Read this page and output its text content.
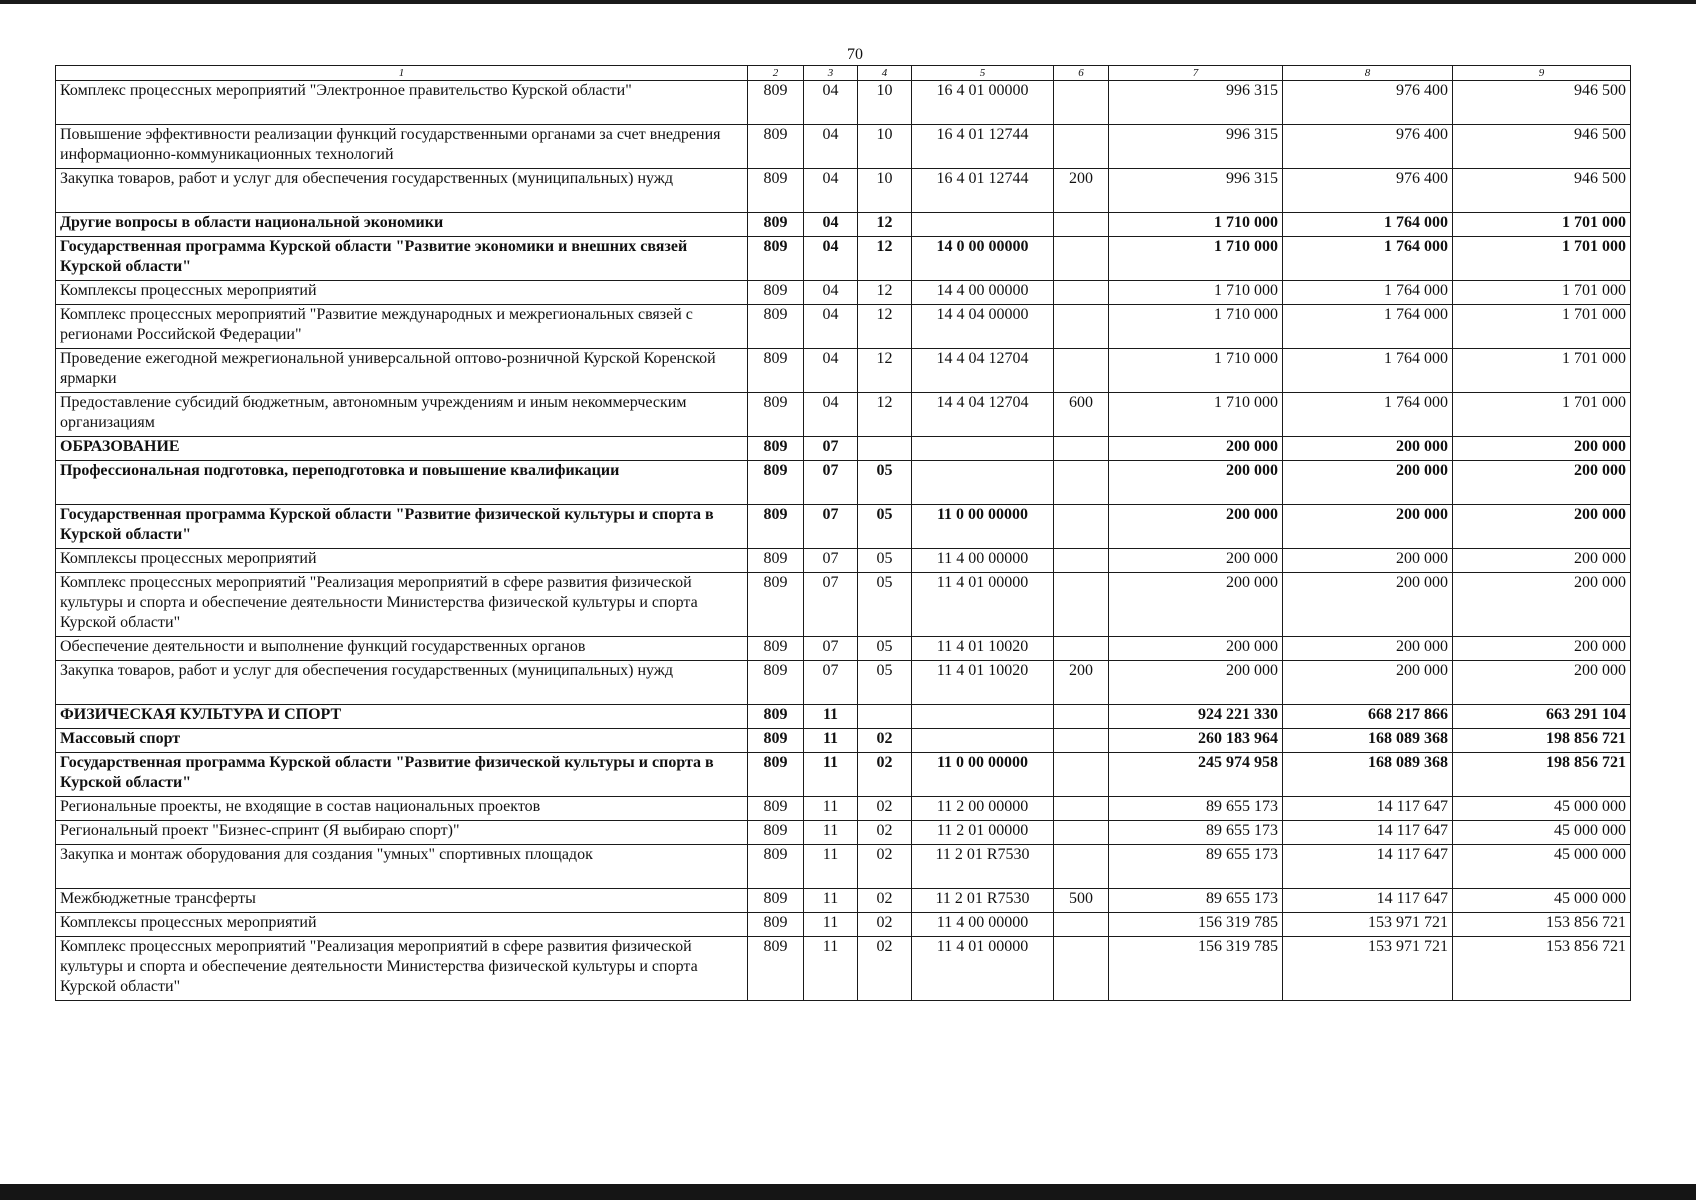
70
1	2	3	4	5	6	7	8	9
Комплекс процессных мероприятий "Электронное правительство Курской области"	809	04	10	16 4 01 00000		996 315	976 400	946 500
Повышение эффективности реализации функций государственными органами за счет внедрения информационно-коммуникационных технологий	809	04	10	16 4 01 12744		996 315	976 400	946 500
Закупка товаров, работ и услуг для обеспечения государственных (муниципальных) нужд	809	04	10	16 4 01 12744	200	996 315	976 400	946 500
Другие вопросы в области национальной экономики	809	04	12			1 710 000	1 764 000	1 701 000
Государственная программа Курской области "Развитие экономики и внешних связей Курской области"	809	04	12	14 0 00 00000		1 710 000	1 764 000	1 701 000
Комплексы процессных мероприятий	809	04	12	14 4 00 00000		1 710 000	1 764 000	1 701 000
Комплекс процессных мероприятий "Развитие международных и межрегиональных связей с регионами Российской Федерации"	809	04	12	14 4 04 00000		1 710 000	1 764 000	1 701 000
Проведение ежегодной межрегиональной универсальной оптово-розничной Курской Коренской ярмарки	809	04	12	14 4 04 12704		1 710 000	1 764 000	1 701 000
Предоставление субсидий бюджетным, автономным учреждениям и иным некоммерческим организациям	809	04	12	14 4 04 12704	600	1 710 000	1 764 000	1 701 000
ОБРАЗОВАНИЕ	809	07				200 000	200 000	200 000
Профессиональная подготовка, переподготовка и повышение квалификации	809	07	05			200 000	200 000	200 000
Государственная программа Курской области "Развитие физической культуры и спорта в Курской области"	809	07	05	11 0 00 00000		200 000	200 000	200 000
Комплексы процессных мероприятий	809	07	05	11 4 00 00000		200 000	200 000	200 000
Комплекс процессных мероприятий "Реализация мероприятий в сфере развития физической культуры и спорта и обеспечение деятельности Министерства физической культуры и спорта Курской области"	809	07	05	11 4 01 00000		200 000	200 000	200 000
Обеспечение деятельности и выполнение функций государственных органов	809	07	05	11 4 01 10020		200 000	200 000	200 000
Закупка товаров, работ и услуг для обеспечения государственных (муниципальных) нужд	809	07	05	11 4 01 10020	200	200 000	200 000	200 000
ФИЗИЧЕСКАЯ КУЛЬТУРА И СПОРТ	809	11				924 221 330	668 217 866	663 291 104
Массовый спорт	809	11	02			260 183 964	168 089 368	198 856 721
Государственная программа Курской области "Развитие физической культуры и спорта в Курской области"	809	11	02	11 0 00 00000		245 974 958	168 089 368	198 856 721
Региональные проекты, не входящие в состав национальных проектов	809	11	02	11 2 00 00000		89 655 173	14 117 647	45 000 000
Региональный проект "Бизнес-спринт (Я выбираю спорт)"	809	11	02	11 2 01 00000		89 655 173	14 117 647	45 000 000
Закупка и монтаж оборудования для создания "умных" спортивных площадок	809	11	02	11 2 01 R7530		89 655 173	14 117 647	45 000 000
Межбюджетные трансферты	809	11	02	11 2 01 R7530	500	89 655 173	14 117 647	45 000 000
Комплексы процессных мероприятий	809	11	02	11 4 00 00000		156 319 785	153 971 721	153 856 721
Комплекс процессных мероприятий "Реализация мероприятий в сфере развития физической культуры и спорта и обеспечение деятельности Министерства физической культуры и спорта Курской области"	809	11	02	11 4 01 00000		156 319 785	153 971 721	153 856 721
